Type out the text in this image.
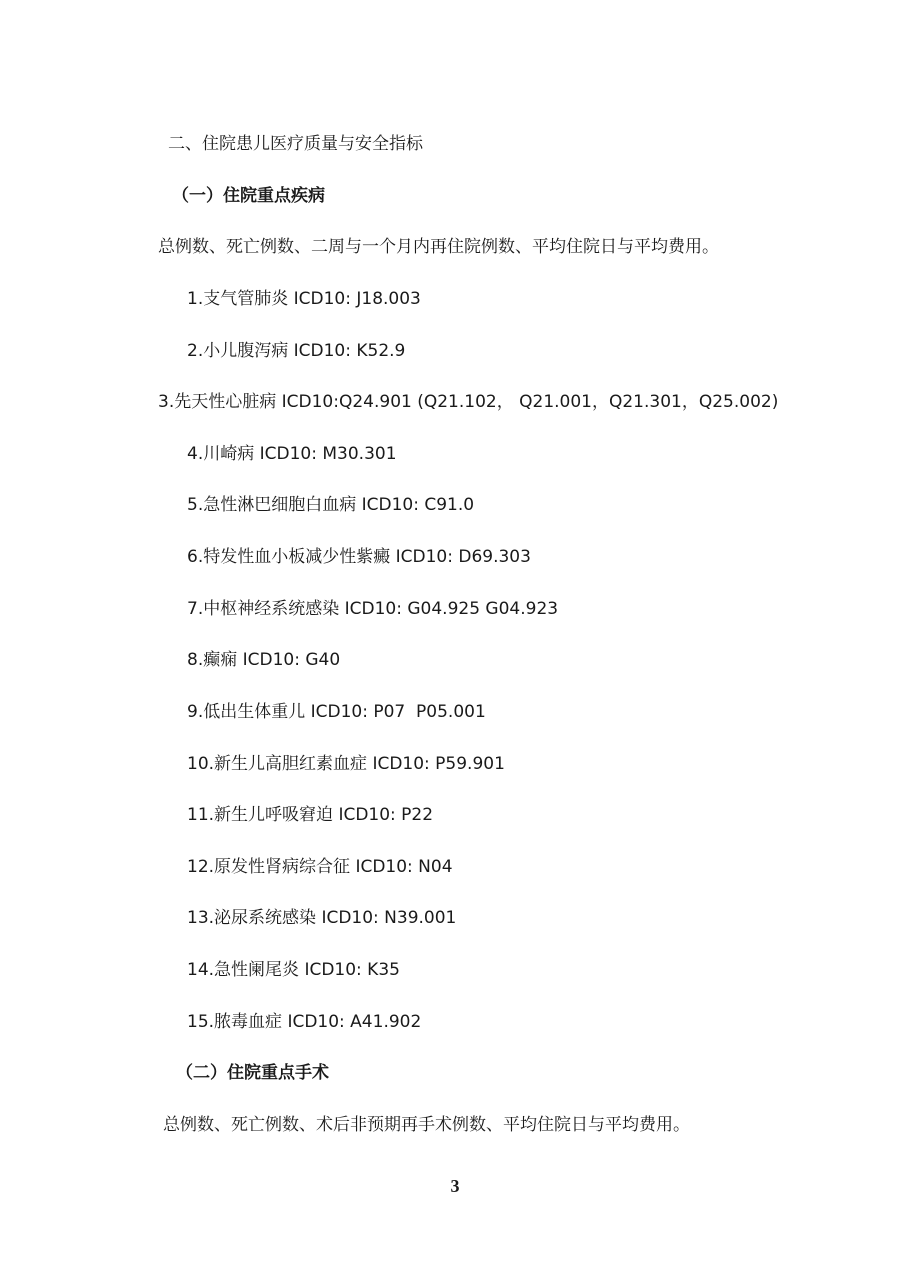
二、住院患儿医疗质量与安全指标
（一）住院重点疾病
总例数、死亡例数、二周与一个月内再住院例数、平均住院日与平均费用。
1.支气管肺炎 ICD10: J18.003
2.小儿腹泻病 ICD10: K52.9
3.先天性心脏病 ICD10:Q24.901 (Q21.102， Q21.001，Q21.301，Q25.002)
4.川崎病 ICD10: M30.301
5.急性淋巴细胞白血病 ICD10: C91.0
6.特发性血小板减少性紫癜 ICD10: D69.303
7.中枢神经系统感染 ICD10: G04.925 G04.923
8.癫痫 ICD10: G40
9.低出生体重儿 ICD10: P07  P05.001
10.新生儿高胆红素血症 ICD10: P59.901
11.新生儿呼吸窘迫 ICD10: P22
12.原发性肾病综合征 ICD10: N04
13.泌尿系统感染 ICD10: N39.001
14.急性阑尾炎 ICD10: K35
15.脓毒血症 ICD10: A41.902
（二）住院重点手术
总例数、死亡例数、术后非预期再手术例数、平均住院日与平均费用。
3
